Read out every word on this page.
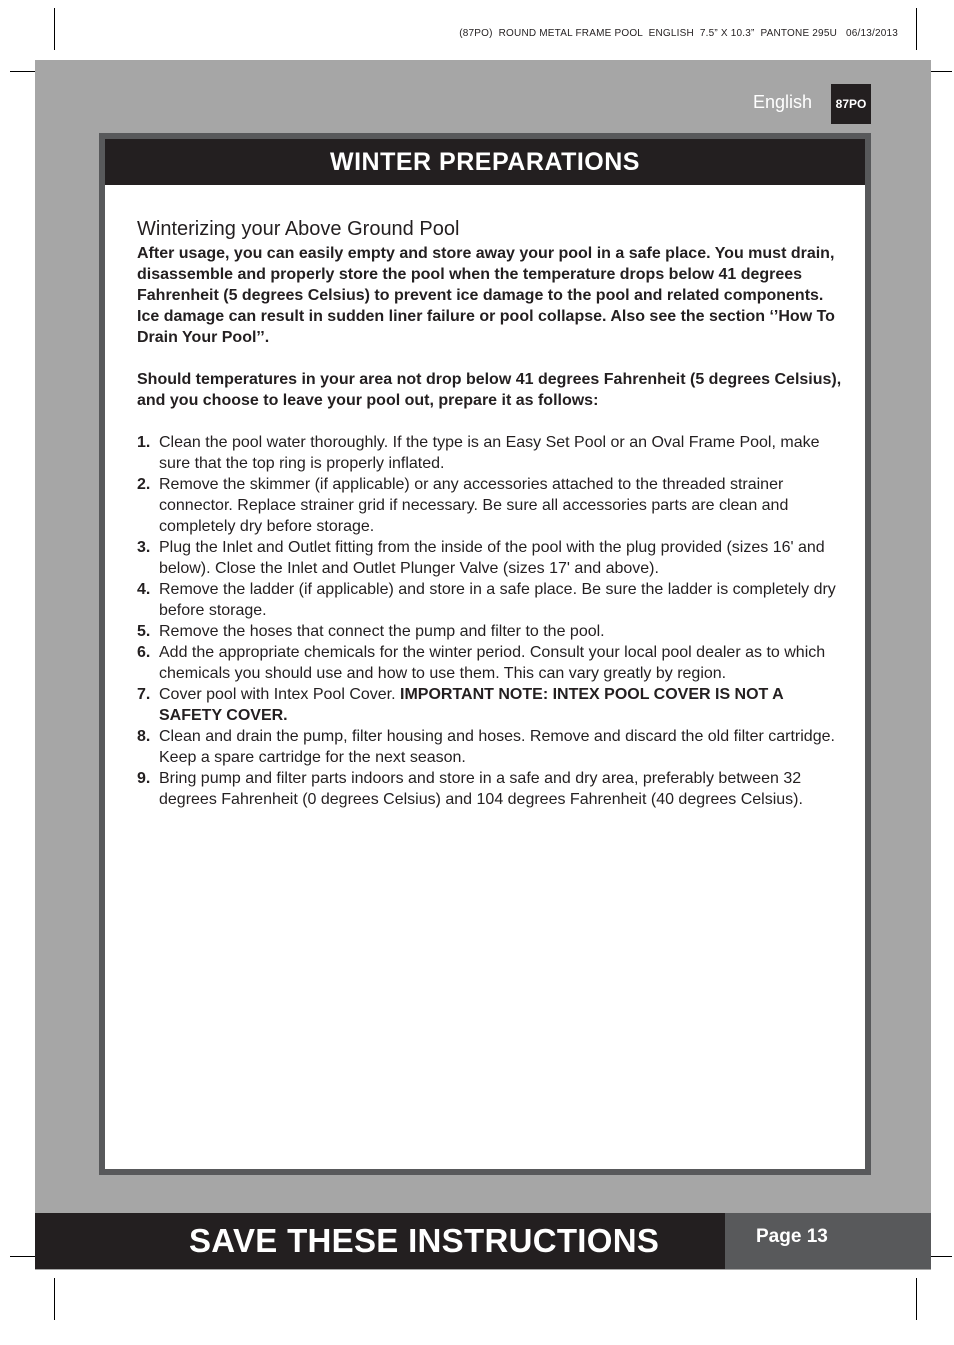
(87PO)  ROUND METAL FRAME POOL  ENGLISH  7.5” X 10.3”  PANTONE 295U   06/13/2013
English	87PO
WINTER PREPARATIONS
Winterizing your Above Ground Pool

After usage, you can easily empty and store away your pool in a safe place. You must drain, disassemble and properly store the pool when the temperature drops below 41 degrees Fahrenheit (5 degrees Celsius) to prevent ice damage to the pool and related components. Ice damage can result in sudden liner failure or pool collapse. Also see the section ‘’How To Drain Your Pool’’.

Should temperatures in your area not drop below 41 degrees Fahrenheit (5 degrees Celsius), and you choose to leave your pool out, prepare it as follows:

1. Clean the pool water thoroughly. If the type is an Easy Set Pool or an Oval Frame Pool, make sure that the top ring is properly inflated.
2. Remove the skimmer (if applicable) or any accessories attached to the threaded strainer connector. Replace strainer grid if necessary. Be sure all accessories parts are clean and completely dry before storage.
3. Plug the Inlet and Outlet fitting from the inside of the pool with the plug provided (sizes 16' and below). Close the Inlet and Outlet Plunger Valve (sizes 17' and above).
4. Remove the ladder (if applicable) and store in a safe place. Be sure the ladder is completely dry before storage.
5. Remove the hoses that connect the pump and filter to the pool.
6. Add the appropriate chemicals for the winter period. Consult your local pool dealer as to which chemicals you should use and how to use them. This can vary greatly by region.
7. Cover pool with Intex Pool Cover. IMPORTANT NOTE: INTEX POOL COVER IS NOT A SAFETY COVER.
8. Clean and drain the pump, filter housing and hoses. Remove and discard the old filter cartridge. Keep a spare cartridge for the next season.
9. Bring pump and filter parts indoors and store in a safe and dry area, preferably between 32 degrees Fahrenheit (0 degrees Celsius) and 104 degrees Fahrenheit (40 degrees Celsius).
SAVE THESE INSTRUCTIONS	Page 13
